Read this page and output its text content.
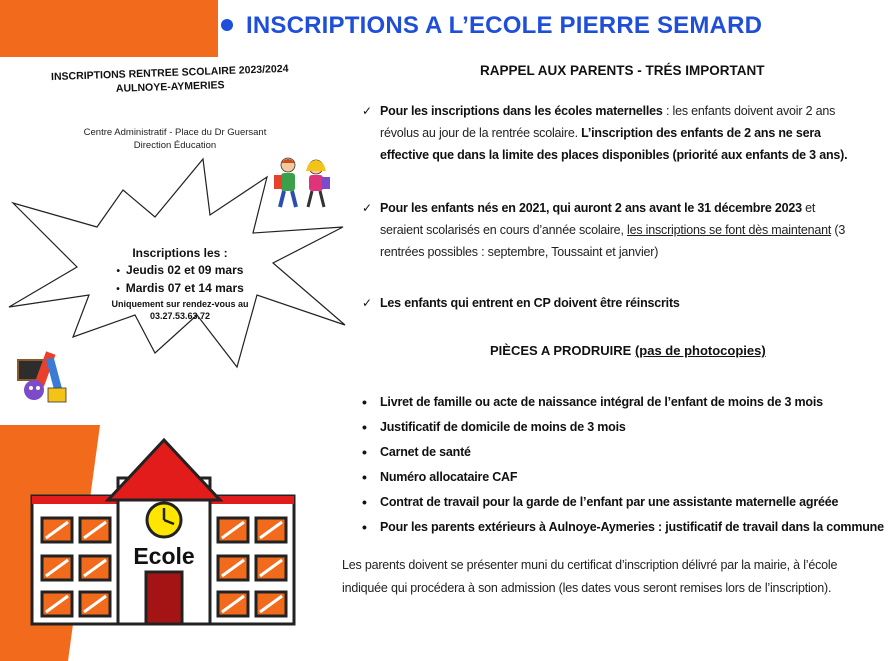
INSCRIPTIONS A L’ECOLE PIERRE SEMARD
INSCRIPTIONS RENTREE SCOLAIRE 2023/2024
AULNOYE-AYMERIES
Centre Administratif - Place du Dr Guersant
Direction Éducation
Inscriptions les :
• Jeudis 02 et 09 mars
• Mardis 07 et 14 mars
Uniquement sur rendez-vous au
03.27.53.63.72
Ecole
RAPPEL AUX PARENTS - TRÉS IMPORTANT
✓ Pour les inscriptions dans les écoles maternelles : les enfants doivent avoir 2 ans révolus au jour de la rentrée scolaire. L’inscription des enfants de 2 ans ne sera effective que dans la limite des places disponibles (priorité aux enfants de 3 ans).
✓ Pour les enfants nés en 2021, qui auront 2 ans avant le 31 décembre 2023 et seraient scolarisés en cours d’année scolaire, les inscriptions se font dès maintenant (3 rentrées possibles : septembre, Toussaint et janvier)
✓ Les enfants qui entrent en CP doivent être réinscrits
PIÈCES A PRODRUIRE (pas de photocopies)
• Livret de famille ou acte de naissance intégral de l’enfant de moins de 3 mois
• Justificatif de domicile de moins de 3 mois
• Carnet de santé
• Numéro allocataire CAF
• Contrat de travail pour la garde de l’enfant par une assistante maternelle agréée
• Pour les parents extérieurs à Aulnoye-Aymeries : justificatif de travail dans la commune
Les parents doivent se présenter muni du certificat d’inscription délivré par la mairie, à l’école indiquée qui procédera à son admission (les dates vous seront remises lors de l’inscription).
